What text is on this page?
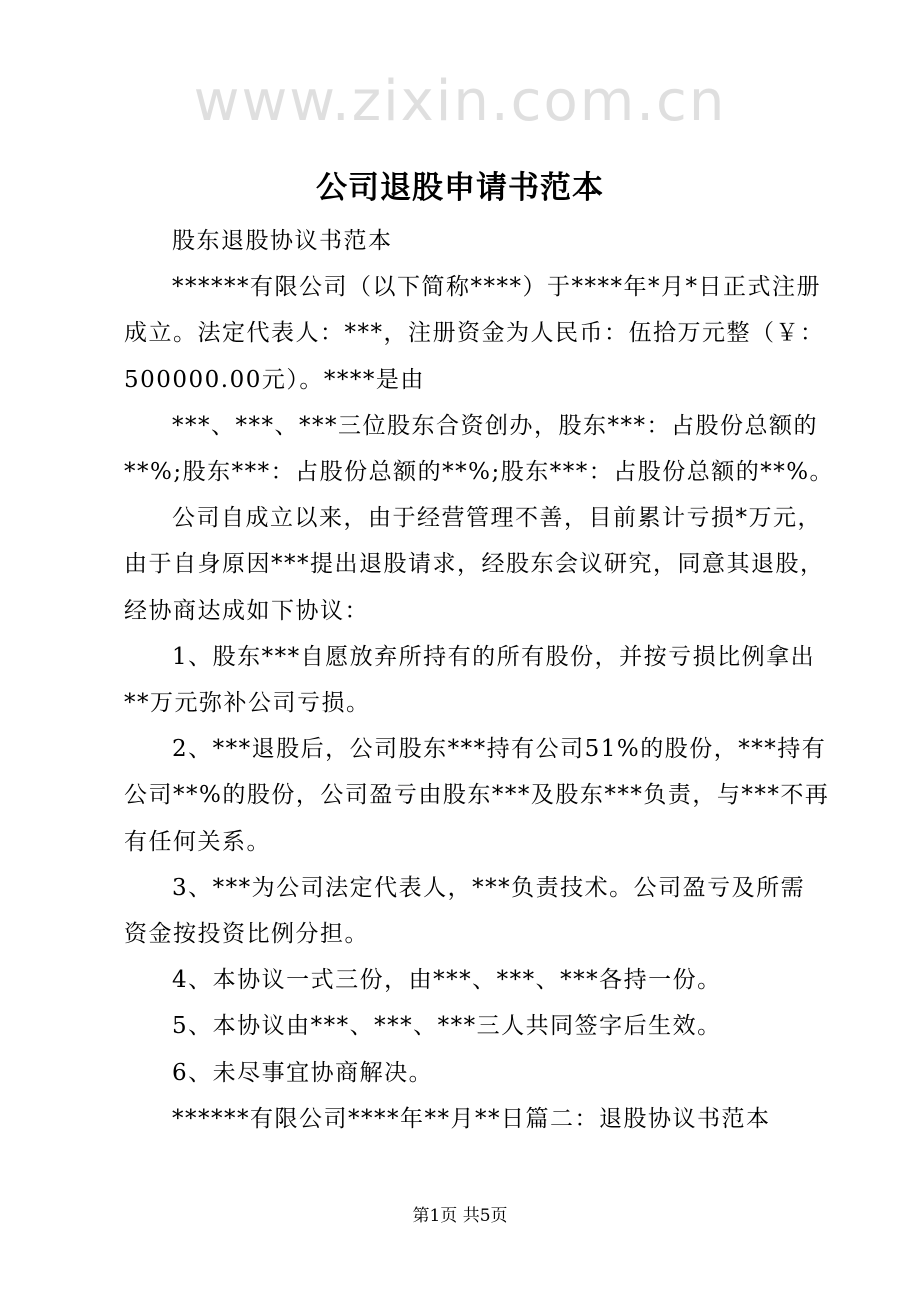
www.zixin.com.cn
公司退股申请书范本
股东退股协议书范本
******有限公司（以下简称****）于****年*月*日正式注册
成立。法定代表人：***，注册资金为人民币：伍拾万元整（￥：
500000.00元）。****是由
***、***、***三位股东合资创办，股东***：占股份总额的
**%;股东***：占股份总额的**%;股东***：占股份总额的**%。
公司自成立以来，由于经营管理不善，目前累计亏损*万元，
由于自身原因***提出退股请求，经股东会议研究，同意其退股，
经协商达成如下协议：
1、股东***自愿放弃所持有的所有股份，并按亏损比例拿出
**万元弥补公司亏损。
2、***退股后，公司股东***持有公司51%的股份，***持有
公司**%的股份，公司盈亏由股东***及股东***负责，与***不再
有任何关系。
3、***为公司法定代表人，***负责技术。公司盈亏及所需
资金按投资比例分担。
4、本协议一式三份，由***、***、***各持一份。
5、本协议由***、***、***三人共同签字后生效。
6、未尽事宜协商解决。
******有限公司****年**月**日篇二：退股协议书范本
第1页 共5页
